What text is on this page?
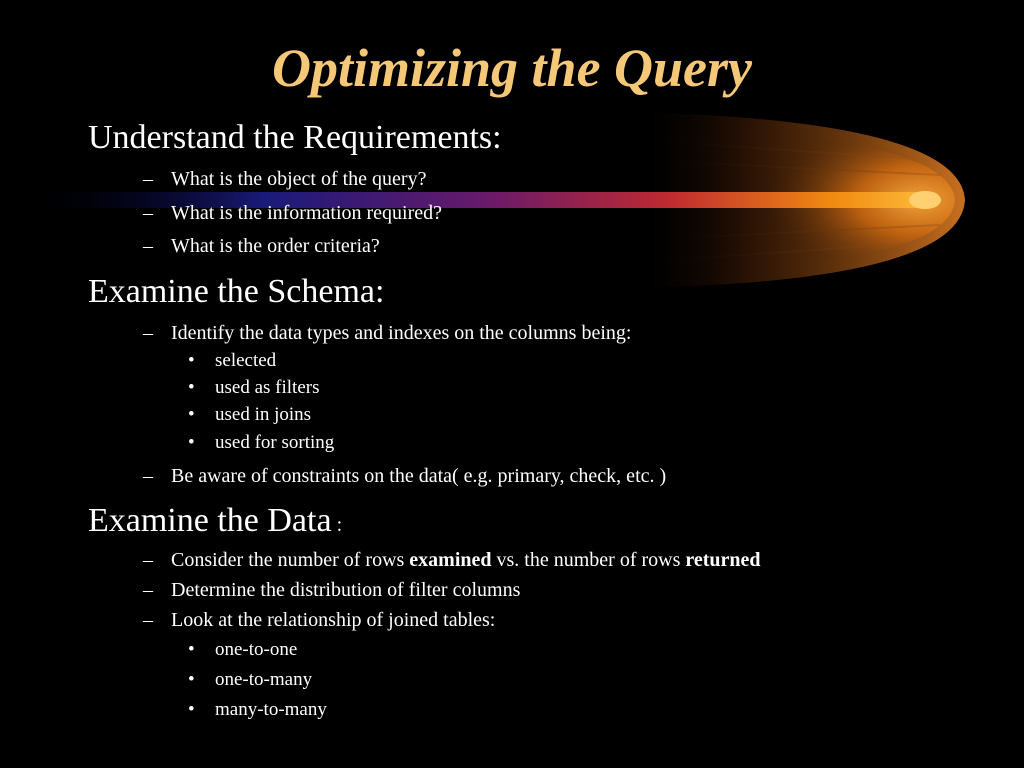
Optimizing the Query
Understand the Requirements:
– What is the object of the query?
– What is the information required?
– What is the order criteria?
Examine the Schema:
– Identify the data types and indexes on the columns being:
• selected
• used as filters
• used in joins
• used for sorting
– Be aware of constraints on the data( e.g. primary, check, etc. )
Examine the Data :
– Consider the number of rows examined vs. the number of rows returned
– Determine the distribution of filter columns
– Look at the relationship of joined tables:
• one-to-one
• one-to-many
• many-to-many
